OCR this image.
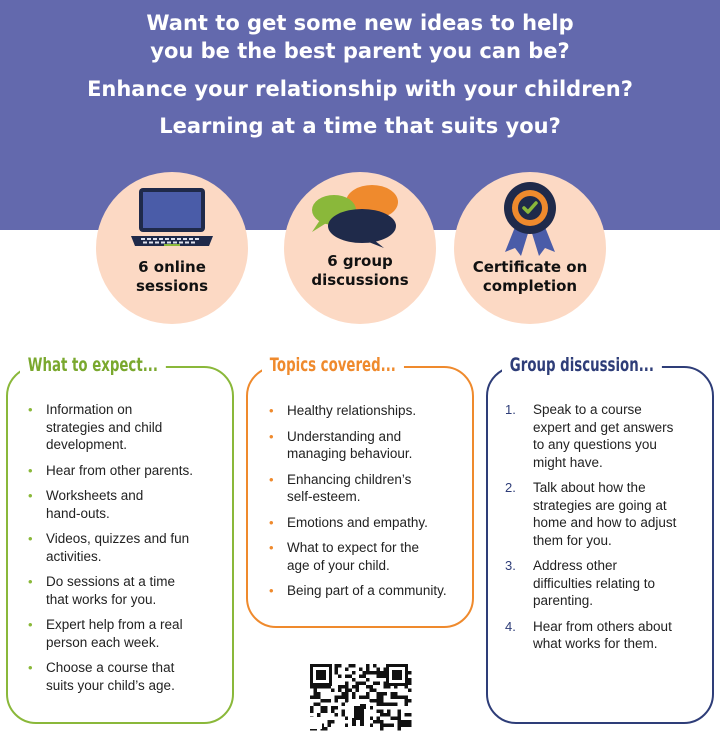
Want to get some new ideas to help
you be the best parent you can be?
Enhance your relationship with your children?
Learning at a time that suits you?
6 online
sessions
6 group
discussions
Certificate on
completion
What to expect...
• Information on
strategies and child
development.
• Hear from other parents.
• Worksheets and
hand-outs.
• Videos, quizzes and fun
activities.
• Do sessions at a time
that works for you.
• Expert help from a real
person each week.
• Choose a course that
suits your child’s age.
Topics covered...
• Healthy relationships.
• Understanding and
managing behaviour.
• Enhancing children’s
self-esteem.
• Emotions and empathy.
• What to expect for the
age of your child.
• Being part of a community.
Group discussion...
1. Speak to a course
expert and get answers
to any questions you
might have.
2. Talk about how the
strategies are going at
home and how to adjust
them for you.
3. Address other
difficulties relating to
parenting.
4. Hear from others about
what works for them.
